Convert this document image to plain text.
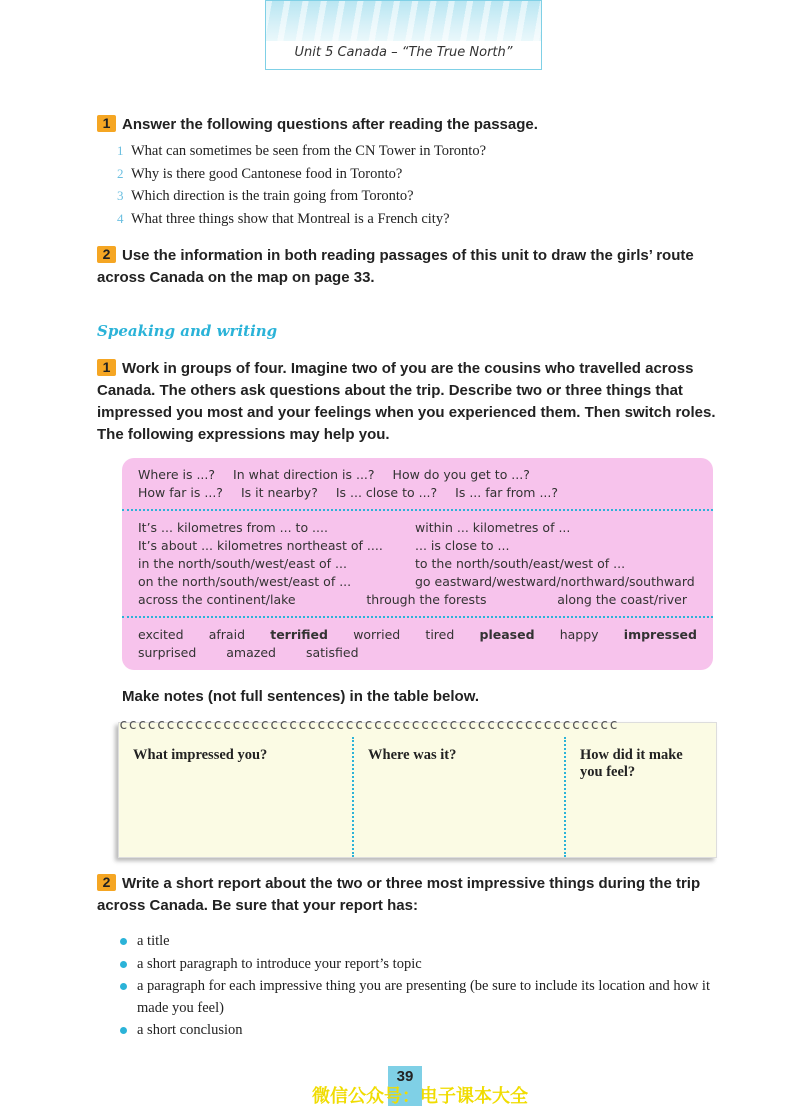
Unit 5 Canada – “The True North”
1 Answer the following questions after reading the passage.
1 What can sometimes be seen from the CN Tower in Toronto?
2 Why is there good Cantonese food in Toronto?
3 Which direction is the train going from Toronto?
4 What three things show that Montreal is a French city?
2 Use the information in both reading passages of this unit to draw the girls’ route across Canada on the map on page 33.
Speaking and writing
1 Work in groups of four. Imagine two of you are the cousins who travelled across Canada. The others ask questions about the trip. Describe two or three things that impressed you most and your feelings when you experienced them. Then switch roles. The following expressions may help you.
Where is ...? In what direction is ...? How do you get to ...?
How far is ...? Is it nearby? Is ... close to ...? Is ... far from ...?
It’s ... kilometres from ... to ....	within ... kilometres of ...
It’s about ... kilometres northeast of ....	... is close to ...
in the north/south/west/east of ...	to the north/south/east/west of ...
on the north/south/west/east of ...	go eastward/westward/northward/southward
across the continent/lake	through the forests	along the coast/river
excited afraid terrified worried tired pleased happy impressed
surprised amazed satisfied
Make notes (not full sentences) in the table below.
ccccccccccccccccccccccccccccccccccccccccccccccccccccc
What impressed you?	Where was it?	How did it make you feel?
2 Write a short report about the two or three most impressive things during the trip across Canada. Be sure that your report has:
a title
a short paragraph to introduce your report’s topic
a paragraph for each impressive thing you are presenting (be sure to include its location and how it made you feel)
a short conclusion
39
微信公众号：电子课本大全
